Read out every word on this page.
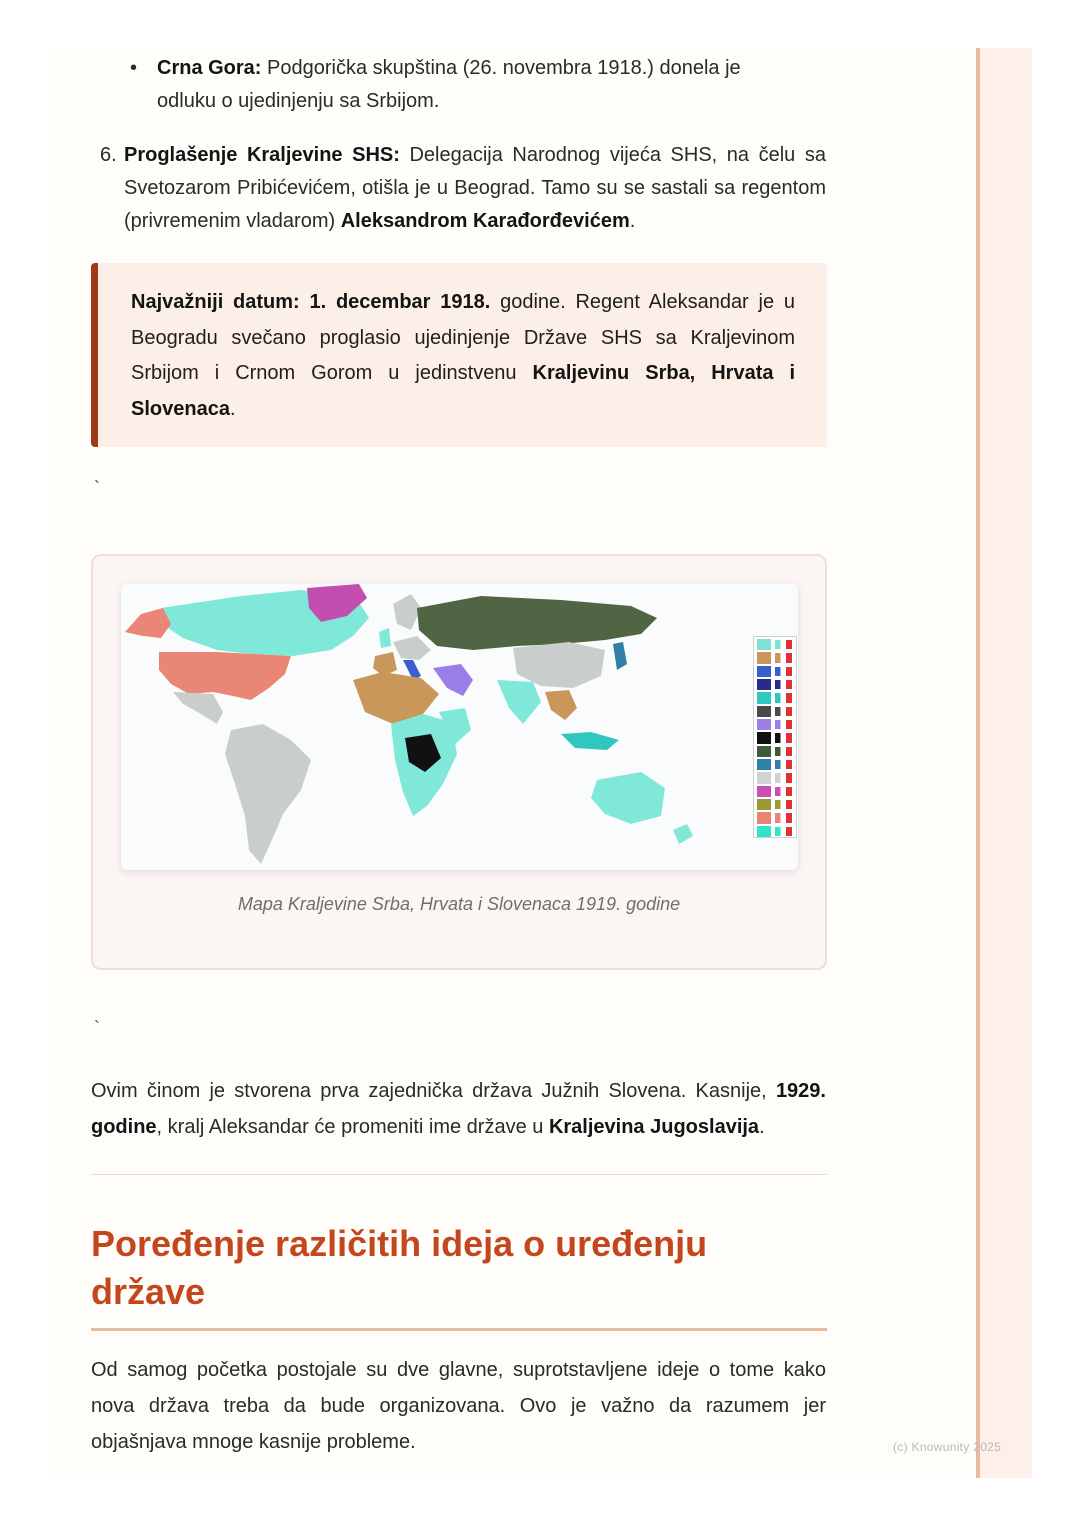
• Crna Gora: Podgorička skupština (26. novembra 1918.) donela je odluku o ujedinjenju sa Srbijom.
6. Proglašenje Kraljevine SHS: Delegacija Narodnog vijeća SHS, na čelu sa Svetozarom Pribićevićem, otišla je u Beograd. Tamo su se sastali sa regentom (privremenim vladarom) Aleksandrom Karađorđevićem.
Najvažniji datum: 1. decembar 1918. godine. Regent Aleksandar je u Beogradu svečano proglasio ujedinjenje Države SHS sa Kraljevinom Srbijom i Crnom Gorom u jedinstvenu Kraljevinu Srba, Hrvata i Slovenaca.
`
Mapa Kraljevine Srba, Hrvata i Slovenaca 1919. godine
`
Ovim činom je stvorena prva zajednička država Južnih Slovena. Kasnije, 1929. godine, kralj Aleksandar će promeniti ime države u Kraljevina Jugoslavija.
Poređenje različitih ideja o uređenju države
Od samog početka postojale su dve glavne, suprotstavljene ideje o tome kako nova država treba da bude organizovana. Ovo je važno da razumem jer objašnjava mnoge kasnije probleme.	(c) Knowunity 2025
